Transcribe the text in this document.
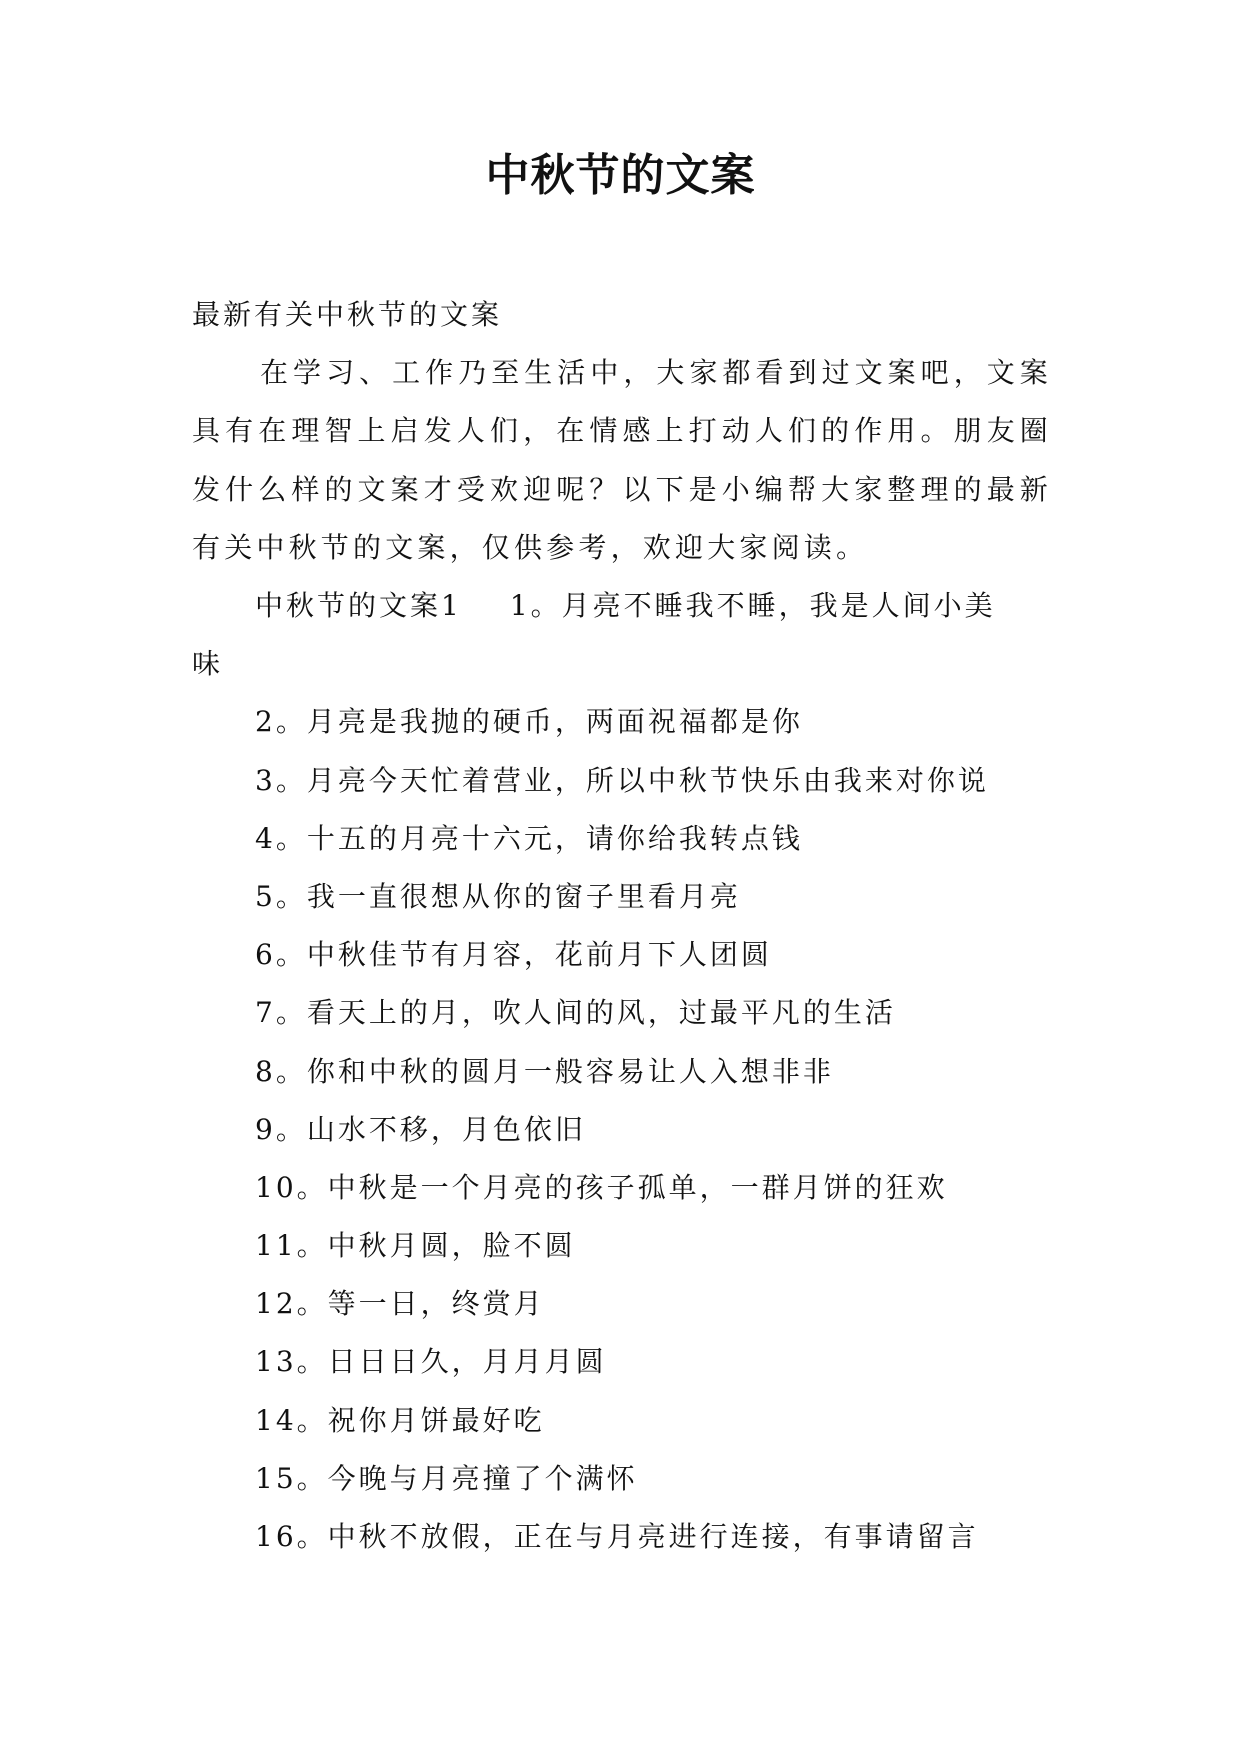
中秋节的文案
最新有关中秋节的文案
在学习、工作乃至生活中，大家都看到过文案吧，文案具有在理智上启发人们，在情感上打动人们的作用。朋友圈发什么样的文案才受欢迎呢？以下是小编帮大家整理的最新有关中秋节的文案，仅供参考，欢迎大家阅读。
中秋节的文案1 1。月亮不睡我不睡，我是人间小美
味
2。月亮是我抛的硬币，两面祝福都是你
3。月亮今天忙着营业，所以中秋节快乐由我来对你说
4。十五的月亮十六元，请你给我转点钱
5。我一直很想从你的窗子里看月亮
6。中秋佳节有月容，花前月下人团圆
7。看天上的月，吹人间的风，过最平凡的生活
8。你和中秋的圆月一般容易让人入想非非
9。山水不移，月色依旧
10。中秋是一个月亮的孩子孤单，一群月饼的狂欢
11。中秋月圆，脸不圆
12。等一日，终赏月
13。日日日久，月月月圆
14。祝你月饼最好吃
15。今晚与月亮撞了个满怀
16。中秋不放假，正在与月亮进行连接，有事请留言
